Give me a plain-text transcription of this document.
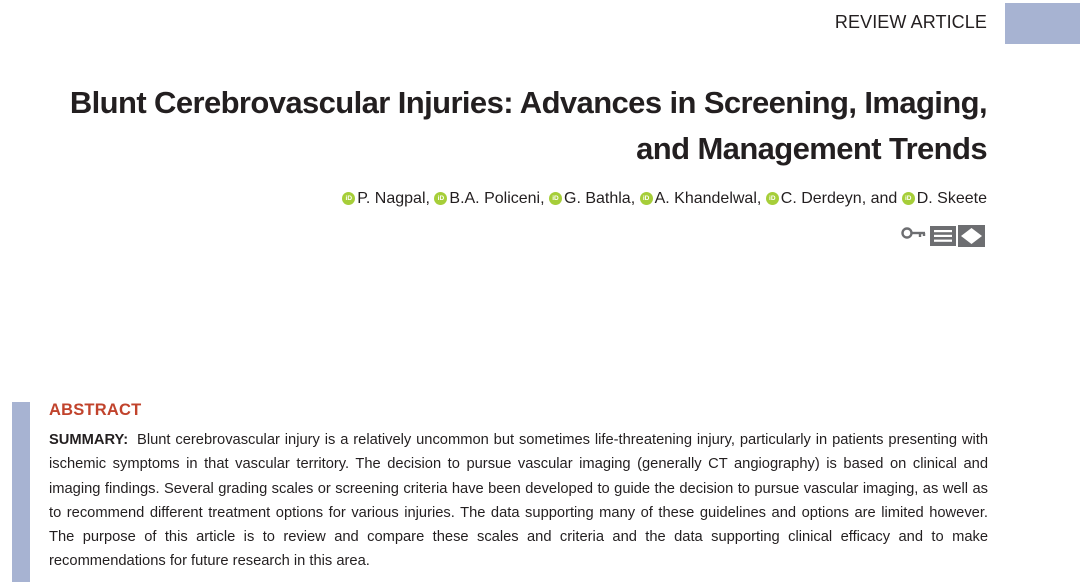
REVIEW ARTICLE
Blunt Cerebrovascular Injuries: Advances in Screening, Imaging,
and Management Trends
iD P. Nagpal, iD B.A. Policeni, iD G. Bathla, iD A. Khandelwal, iD C. Derdeyn, and iD D. Skeete
ABSTRACT

SUMMARY: Blunt cerebrovascular injury is a relatively uncommon but sometimes life-threatening injury, particularly in patients presenting with ischemic symptoms in that vascular territory. The decision to pursue vascular imaging (generally CT angiography) is based on clinical and imaging findings. Several grading scales or screening criteria have been developed to guide the decision to pursue vascular imaging, as well as to recommend different treatment options for various injuries. The data supporting many of these guidelines and options are limited however. The purpose of this article is to review and compare these scales and criteria and the data supporting clinical efficacy and to make recommendations for future research in this area.
